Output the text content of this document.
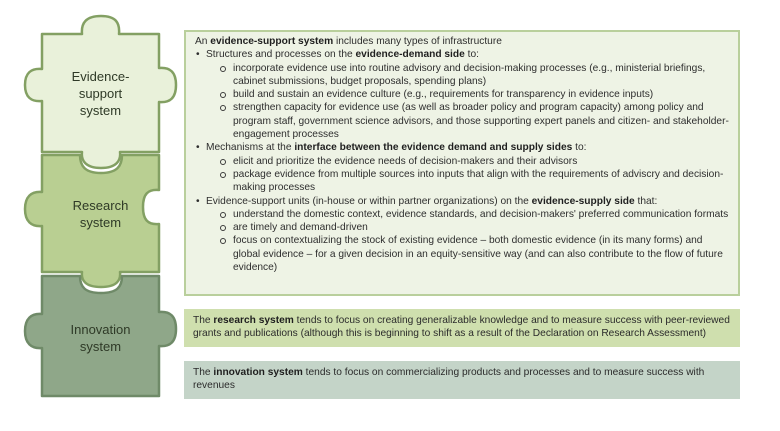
Evidence-
support
system
Research
system
Innovation
system
An evidence-support system includes many types of infrastructure
• Structures and processes on the evidence-demand side to:
incorporate evidence use into routine advisory and decision-making processes (e.g., ministerial briefings, cabinet submissions, budget proposals, spending plans)
build and sustain an evidence culture (e.g., requirements for transparency in evidence inputs)
strengthen capacity for evidence use (as well as broader policy and program capacity) among policy and program staff, government science advisors, and those supporting expert panels and citizen- and stakeholder-engagement processes
• Mechanisms at the interface between the evidence demand and supply sides to:
elicit and prioritize the evidence needs of decision-makers and their advisors
package evidence from multiple sources into inputs that align with the requirements of adviscry and decision-making processes
• Evidence-support units (in-house or within partner organizations) on the evidence-supply side that:
understand the domestic context, evidence standards, and decision-makers' preferred communication formats
are timely and demand-driven
focus on contextualizing the stock of existing evidence – both domestic evidence (in its many forms) and global evidence – for a given decision in an equity-sensitive way (and can also contribute to the flow of future evidence)
The research system tends to focus on creating generalizable knowledge and to measure success with peer-reviewed grants and publications (although this is beginning to shift as a result of the Declaration on Research Assessment)
The innovation system tends to focus on commercializing products and processes and to measure success with revenues
